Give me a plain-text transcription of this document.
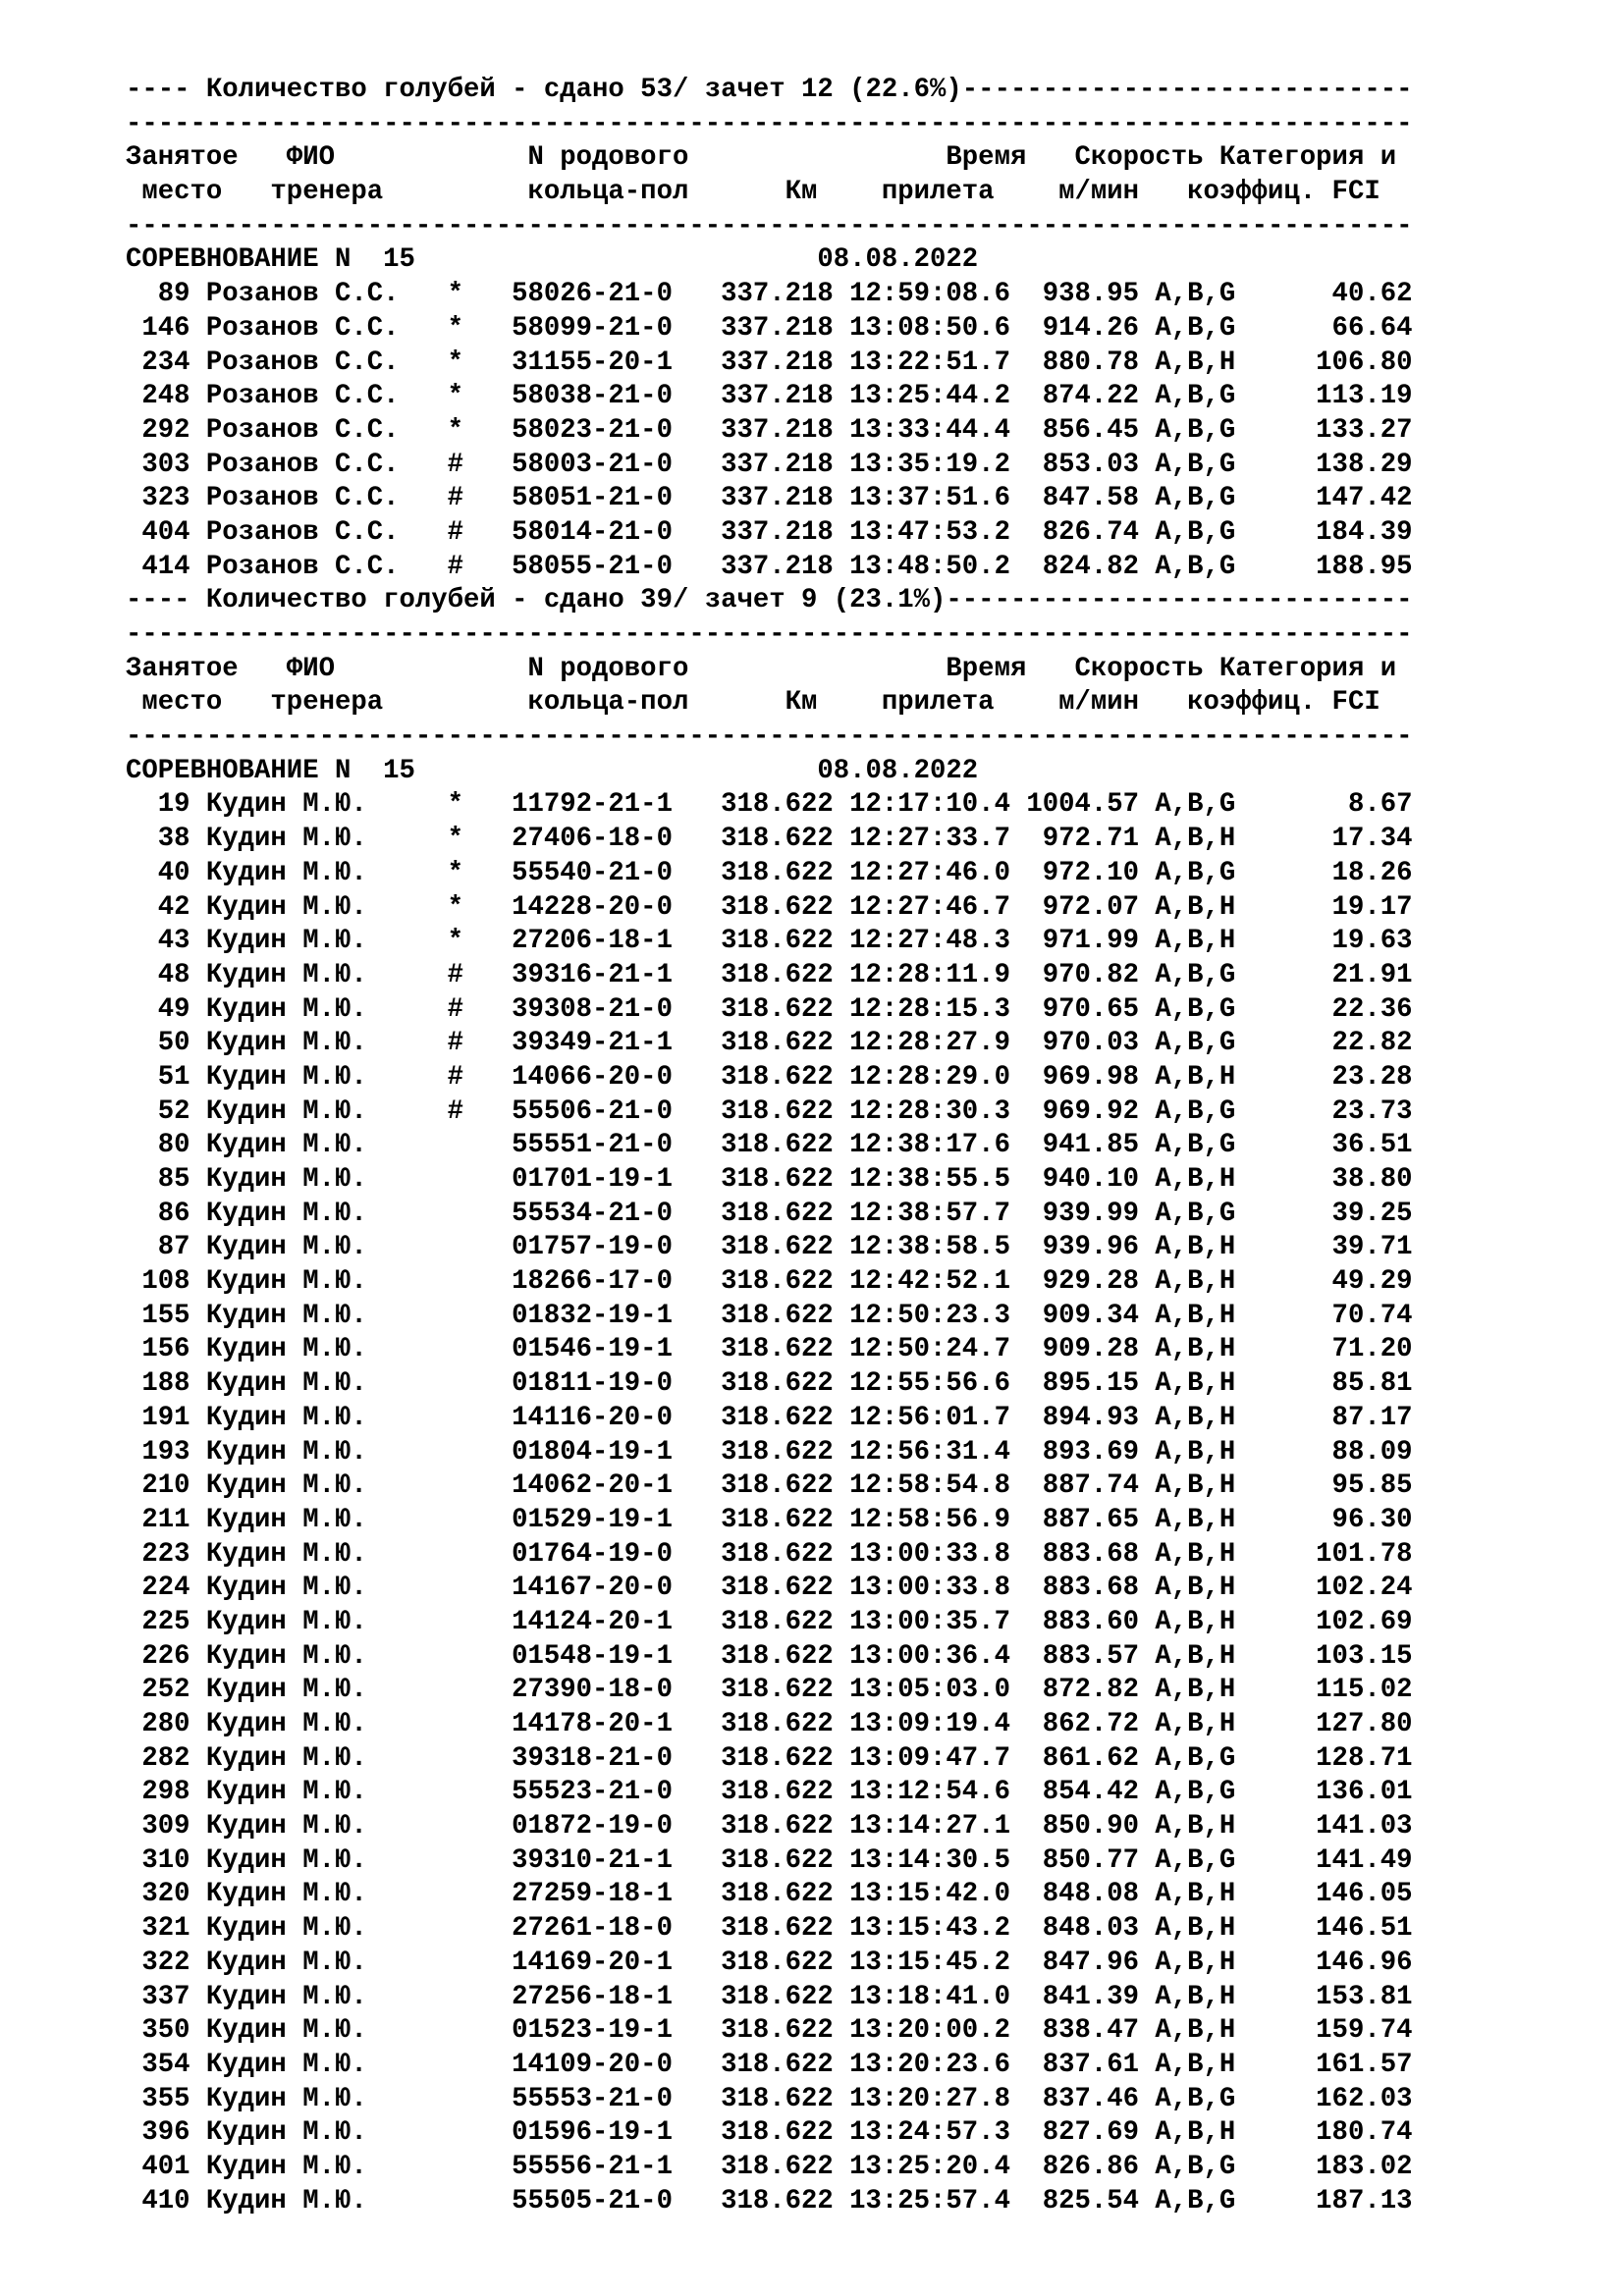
---- Количество голубей - сдано 53/ зачет 12 (22.6%)----------------------------
--------------------------------------------------------------------------------
Занятое   ФИО            N родового                Время   Скорость Категория и
место   тренера         кольца-пол      Км    прилета    м/мин   коэффиц. FCI
--------------------------------------------------------------------------------
СОРЕВНОВАНИЕ N  15                         08.08.2022
89 Розанов С.С.   *   58026-21-0   337.218 12:59:08.6  938.95 A,B,G      40.62
146 Розанов С.С.   *   58099-21-0   337.218 13:08:50.6  914.26 A,B,G      66.64
234 Розанов С.С.   *   31155-20-1   337.218 13:22:51.7  880.78 A,B,H     106.80
248 Розанов С.С.   *   58038-21-0   337.218 13:25:44.2  874.22 A,B,G     113.19
292 Розанов С.С.   *   58023-21-0   337.218 13:33:44.4  856.45 A,B,G     133.27
303 Розанов С.С.   #   58003-21-0   337.218 13:35:19.2  853.03 A,B,G     138.29
323 Розанов С.С.   #   58051-21-0   337.218 13:37:51.6  847.58 A,B,G     147.42
404 Розанов С.С.   #   58014-21-0   337.218 13:47:53.2  826.74 A,B,G     184.39
414 Розанов С.С.   #   58055-21-0   337.218 13:48:50.2  824.82 A,B,G     188.95
---- Количество голубей - сдано 39/ зачет 9 (23.1%)-----------------------------
--------------------------------------------------------------------------------
Занятое   ФИО            N родового                Время   Скорость Категория и
место   тренера         кольца-пол      Км    прилета    м/мин   коэффиц. FCI
--------------------------------------------------------------------------------
СОРЕВНОВАНИЕ N  15                         08.08.2022
19 Кудин М.Ю.     *   11792-21-1   318.622 12:17:10.4 1004.57 A,B,G       8.67
38 Кудин М.Ю.     *   27406-18-0   318.622 12:27:33.7  972.71 A,B,H      17.34
40 Кудин М.Ю.     *   55540-21-0   318.622 12:27:46.0  972.10 A,B,G      18.26
42 Кудин М.Ю.     *   14228-20-0   318.622 12:27:46.7  972.07 A,B,H      19.17
43 Кудин М.Ю.     *   27206-18-1   318.622 12:27:48.3  971.99 A,B,H      19.63
48 Кудин М.Ю.     #   39316-21-1   318.622 12:28:11.9  970.82 A,B,G      21.91
49 Кудин М.Ю.     #   39308-21-0   318.622 12:28:15.3  970.65 A,B,G      22.36
50 Кудин М.Ю.     #   39349-21-1   318.622 12:28:27.9  970.03 A,B,G      22.82
51 Кудин М.Ю.     #   14066-20-0   318.622 12:28:29.0  969.98 A,B,H      23.28
52 Кудин М.Ю.     #   55506-21-0   318.622 12:28:30.3  969.92 A,B,G      23.73
80 Кудин М.Ю.         55551-21-0   318.622 12:38:17.6  941.85 A,B,G      36.51
85 Кудин М.Ю.         01701-19-1   318.622 12:38:55.5  940.10 A,B,H      38.80
86 Кудин М.Ю.         55534-21-0   318.622 12:38:57.7  939.99 A,B,G      39.25
87 Кудин М.Ю.         01757-19-0   318.622 12:38:58.5  939.96 A,B,H      39.71
108 Кудин М.Ю.         18266-17-0   318.622 12:42:52.1  929.28 A,B,H      49.29
155 Кудин М.Ю.         01832-19-1   318.622 12:50:23.3  909.34 A,B,H      70.74
156 Кудин М.Ю.         01546-19-1   318.622 12:50:24.7  909.28 A,B,H      71.20
188 Кудин М.Ю.         01811-19-0   318.622 12:55:56.6  895.15 A,B,H      85.81
191 Кудин М.Ю.         14116-20-0   318.622 12:56:01.7  894.93 A,B,H      87.17
193 Кудин М.Ю.         01804-19-1   318.622 12:56:31.4  893.69 A,B,H      88.09
210 Кудин М.Ю.         14062-20-1   318.622 12:58:54.8  887.74 A,B,H      95.85
211 Кудин М.Ю.         01529-19-1   318.622 12:58:56.9  887.65 A,B,H      96.30
223 Кудин М.Ю.         01764-19-0   318.622 13:00:33.8  883.68 A,B,H     101.78
224 Кудин М.Ю.         14167-20-0   318.622 13:00:33.8  883.68 A,B,H     102.24
225 Кудин М.Ю.         14124-20-1   318.622 13:00:35.7  883.60 A,B,H     102.69
226 Кудин М.Ю.         01548-19-1   318.622 13:00:36.4  883.57 A,B,H     103.15
252 Кудин М.Ю.         27390-18-0   318.622 13:05:03.0  872.82 A,B,H     115.02
280 Кудин М.Ю.         14178-20-1   318.622 13:09:19.4  862.72 A,B,H     127.80
282 Кудин М.Ю.         39318-21-0   318.622 13:09:47.7  861.62 A,B,G     128.71
298 Кудин М.Ю.         55523-21-0   318.622 13:12:54.6  854.42 A,B,G     136.01
309 Кудин М.Ю.         01872-19-0   318.622 13:14:27.1  850.90 A,B,H     141.03
310 Кудин М.Ю.         39310-21-1   318.622 13:14:30.5  850.77 A,B,G     141.49
320 Кудин М.Ю.         27259-18-1   318.622 13:15:42.0  848.08 A,B,H     146.05
321 Кудин М.Ю.         27261-18-0   318.622 13:15:43.2  848.03 A,B,H     146.51
322 Кудин М.Ю.         14169-20-1   318.622 13:15:45.2  847.96 A,B,H     146.96
337 Кудин М.Ю.         27256-18-1   318.622 13:18:41.0  841.39 A,B,H     153.81
350 Кудин М.Ю.         01523-19-1   318.622 13:20:00.2  838.47 A,B,H     159.74
354 Кудин М.Ю.         14109-20-0   318.622 13:20:23.6  837.61 A,B,H     161.57
355 Кудин М.Ю.         55553-21-0   318.622 13:20:27.8  837.46 A,B,G     162.03
396 Кудин М.Ю.         01596-19-1   318.622 13:24:57.3  827.69 A,B,H     180.74
401 Кудин М.Ю.         55556-21-1   318.622 13:25:20.4  826.86 A,B,G     183.02
410 Кудин М.Ю.         55505-21-0   318.622 13:25:57.4  825.54 A,B,G     187.13
